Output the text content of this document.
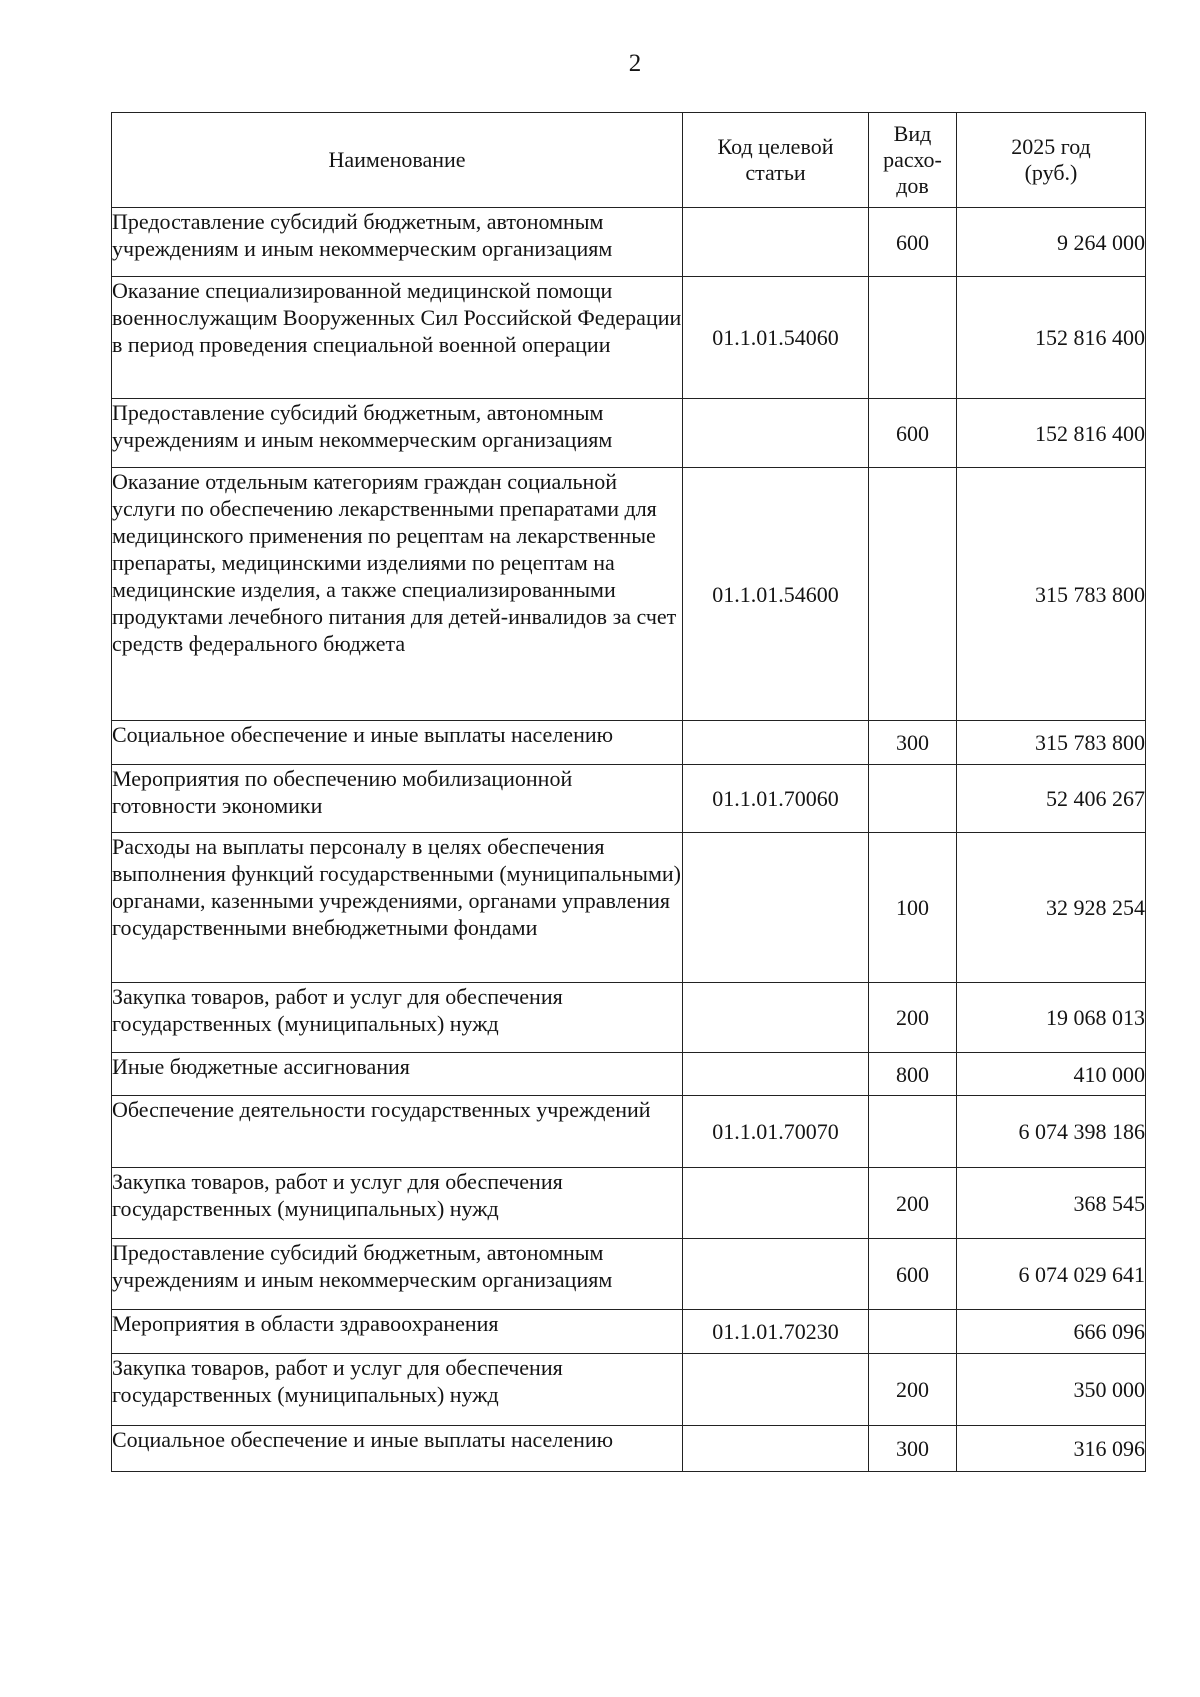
2
Наименование	Код целевой статьи	Вид расхо-дов	2025 год (руб.)
Предоставление субсидий бюджетным, автономным учреждениям и иным некоммерческим организациям		600	9 264 000
Оказание специализированной медицинской помощи военнослужащим Вооруженных Сил Российской Федерации в период проведения специальной военной операции	01.1.01.54060		152 816 400
Предоставление субсидий бюджетным, автономным учреждениям и иным некоммерческим организациям		600	152 816 400
Оказание отдельным категориям граждан социальной услуги по обеспечению лекарственными препаратами для медицинского применения по рецептам на лекарственные препараты, медицинскими изделиями по рецептам на медицинские изделия, а также специализированными продуктами лечебного питания для детей-инвалидов за счет средств федерального бюджета	01.1.01.54600		315 783 800
Социальное обеспечение и иные выплаты населению		300	315 783 800
Мероприятия по обеспечению мобилизационной готовности экономики	01.1.01.70060		52 406 267
Расходы на выплаты персоналу в целях обеспечения выполнения функций государственными (муниципальными) органами, казенными учреждениями, органами управления государственными внебюджетными фондами		100	32 928 254
Закупка товаров, работ и услуг для обеспечения государственных (муниципальных) нужд		200	19 068 013
Иные бюджетные ассигнования		800	410 000
Обеспечение деятельности государственных учреждений	01.1.01.70070		6 074 398 186
Закупка товаров, работ и услуг для обеспечения государственных (муниципальных) нужд		200	368 545
Предоставление субсидий бюджетным, автономным учреждениям и иным некоммерческим организациям		600	6 074 029 641
Мероприятия в области здравоохранения	01.1.01.70230		666 096
Закупка товаров, работ и услуг для обеспечения государственных (муниципальных) нужд		200	350 000
Социальное обеспечение и иные выплаты населению		300	316 096
